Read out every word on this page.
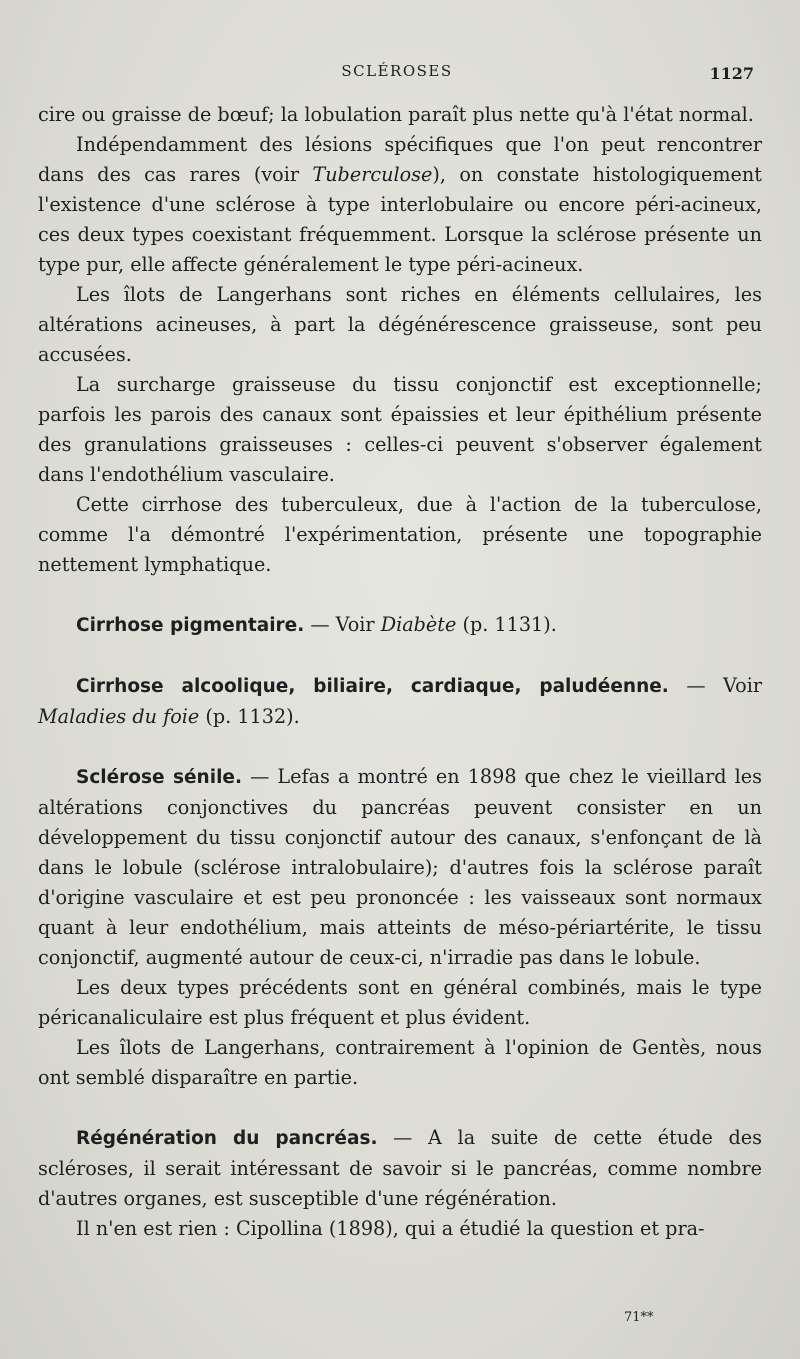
SCLÉROSES	1127

cire ou graisse de bœuf; la lobulation paraît plus nette qu'à l'état normal.

Indépendamment des lésions spécifiques que l'on peut rencontrer dans des cas rares (voir Tuberculose), on constate histologiquement l'existence d'une sclérose à type interlobulaire ou encore péri-acineux, ces deux types coexistant fréquemment. Lorsque la sclérose présente un type pur, elle affecte généralement le type péri-acineux.

Les îlots de Langerhans sont riches en éléments cellulaires, les altérations acineuses, à part la dégénérescence graisseuse, sont peu accusées.

La surcharge graisseuse du tissu conjonctif est exceptionnelle; parfois les parois des canaux sont épaissies et leur épithélium présente des granulations graisseuses : celles-ci peuvent s'observer également dans l'endothélium vasculaire.

Cette cirrhose des tuberculeux, due à l'action de la tuberculose, comme l'a démontré l'expérimentation, présente une topographie nettement lymphatique.

Cirrhose pigmentaire. — Voir Diabète (p. 1131).

Cirrhose alcoolique, biliaire, cardiaque, paludéenne. — Voir Maladies du foie (p. 1132).

Sclérose sénile. — Lefas a montré en 1898 que chez le vieillard les altérations conjonctives du pancréas peuvent consister en un développement du tissu conjonctif autour des canaux, s'enfonçant de là dans le lobule (sclérose intralobulaire); d'autres fois la sclérose paraît d'origine vasculaire et est peu prononcée : les vaisseaux sont normaux quant à leur endothélium, mais atteints de méso-périartérite, le tissu conjonctif, augmenté autour de ceux-ci, n'irradie pas dans le lobule.

Les deux types précédents sont en général combinés, mais le type péricanaliculaire est plus fréquent et plus évident.

Les îlots de Langerhans, contrairement à l'opinion de Gentès, nous ont semblé disparaître en partie.

Régénération du pancréas. — A la suite de cette étude des scléroses, il serait intéressant de savoir si le pancréas, comme nombre d'autres organes, est susceptible d'une régénération.

Il n'en est rien : Cipollina (1898), qui a étudié la question et pra-

71**
